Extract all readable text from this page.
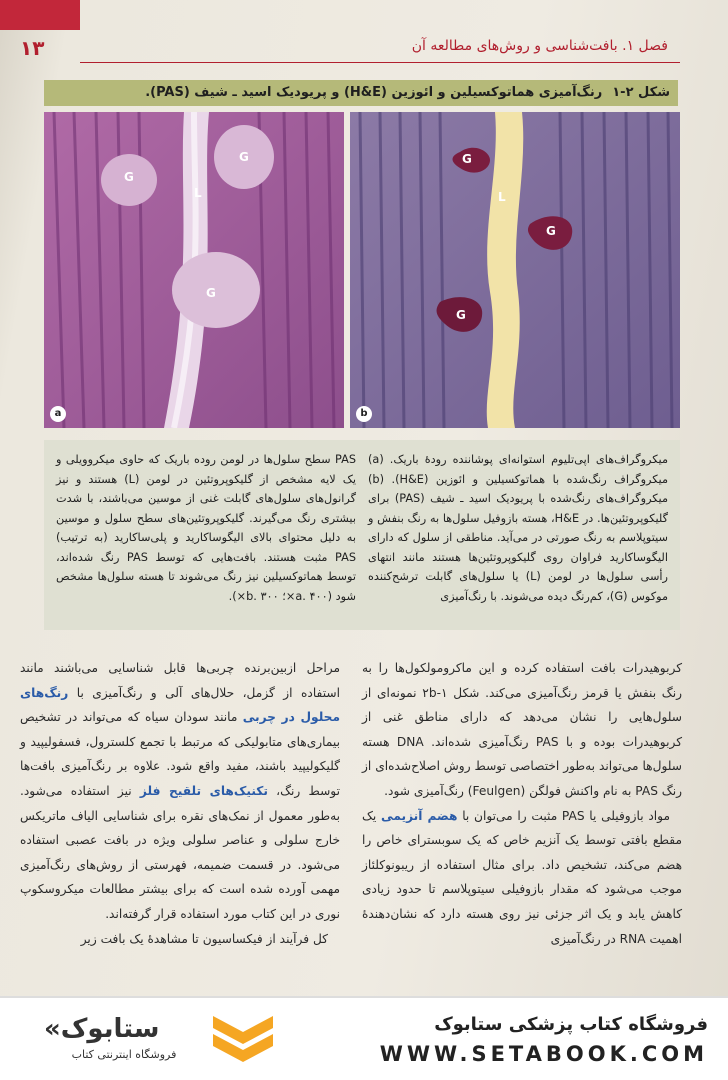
۱۳	فصل ۱. بافت‌شناسی و روش‌های مطالعه آن
شکل ۲-۱رنگ‌آمیزی هماتوکسیلین و ائوزین (H&E) و پریودیک اسید ـ شیف (PAS).
G
G
G
L
a
G
G
G
L
b
میکروگراف‌های اپی‌تلیوم استوانه‌ای پوشاننده رودۀ باریک. (a) میکروگراف رنگ‌شده با هماتوکسیلین و ائوزین (H&E). (b) میکروگراف‌های رنگ‌شده با پریودیک اسید ـ شیف (PAS) برای گلیکوپروتئین‌ها. در H&E، هسته بازوفیل سلول‌ها به رنگ بنفش و سیتوپلاسم به رنگ صورتی در می‌آید. مناطقی از سلول که دارای الیگوساکارید فراوان روی گلیکوپروتئین‌ها هستند مانند انتهای رأسی سلول‌ها در لومن (L) یا سلول‌های گابلت ترشح‌کننده موکوس (G)، کم‌رنگ دیده می‌شوند. با رنگ‌آمیزی
PAS سطح سلول‌ها در لومن روده باریک که حاوی میکروویلی و یک لایه مشخص از گلیکوپروتئین در لومن (L) هستند و نیز گرانول‌های سلول‌های گابلت غنی از موسین می‌باشند، با شدت بیشتری رنگ می‌گیرند. گلیکوپروتئین‌های سطح سلول و موسین به دلیل محتوای بالای الیگوساکارید و پلی‌ساکارید (به ترتیب) PAS مثبت هستند. بافت‌هایی که توسط PAS رنگ شده‌اند، توسط هماتوکسیلین نیز رنگ می‌شوند تا هسته سلول‌ها مشخص شود (a. ۴۰۰×؛ b. ۳۰۰×).

کربوهیدرات بافت استفاده کرده و این ماکرومولکول‌ها را به رنگ بنفش یا قرمز رنگ‌آمیزی می‌کند. شکل ۲b-۱ نمونه‌ای از سلول‌هایی را نشان می‌دهد که دارای مناطق غنی از کربوهیدرات بوده و با PAS رنگ‌آمیزی شده‌اند. DNA هسته سلول‌ها می‌تواند به‌طور اختصاصی توسط روش اصلاح‌شده‌ای از رنگ PAS به نام واکنش فولگن (Feulgen) رنگ‌آمیزی شود.

مواد بازوفیلی یا PAS مثبت را می‌توان با هضم آنزیمی یک مقطع بافتی توسط یک آنزیم خاص که یک سوبسترای خاص را هضم می‌کند، تشخیص داد. برای مثال استفاده از ریبونوکلئاز موجب می‌شود که مقدار بازوفیلی سیتوپلاسم تا حدود زیادی کاهش یابد و یک اثر جزئی نیز روی هسته دارد که نشان‌دهندۀ اهمیت RNA در رنگ‌آمیزی

مراحل ازبین‌برنده چربی‌ها قابل شناسایی می‌باشند مانند استفاده از گزمل، حلال‌های آلی و رنگ‌آمیزی با رنگ‌های محلول در چربی مانند سودان سیاه که می‌تواند در تشخیص بیماری‌های متابولیکی که مرتبط با تجمع کلسترول، فسفولیپید و گلیکولیپید باشند، مفید واقع شود. علاوه بر رنگ‌آمیزی بافت‌ها توسط رنگ، تکنیک‌های تلقیح فلز نیز استفاده می‌شود. به‌طور معمول از نمک‌های نقره برای شناسایی الیاف ماتریکس خارج سلولی و عناصر سلولی ویژه در بافت عصبی استفاده می‌شود. در قسمت ضمیمه، فهرستی از روش‌های رنگ‌آمیزی مهمی آورده شده است که برای بیشتر مطالعات میکروسکوپ نوری در این کتاب مورد استفاده قرار گرفته‌اند.

کل فرآیند از فیکساسیون تا مشاهدۀ یک بافت زیر

«ستابوک
فروشگاه اینترنتی کتاب
فروشگاه کتاب پزشکی ستابوک
WWW.SETABOOK.COM
